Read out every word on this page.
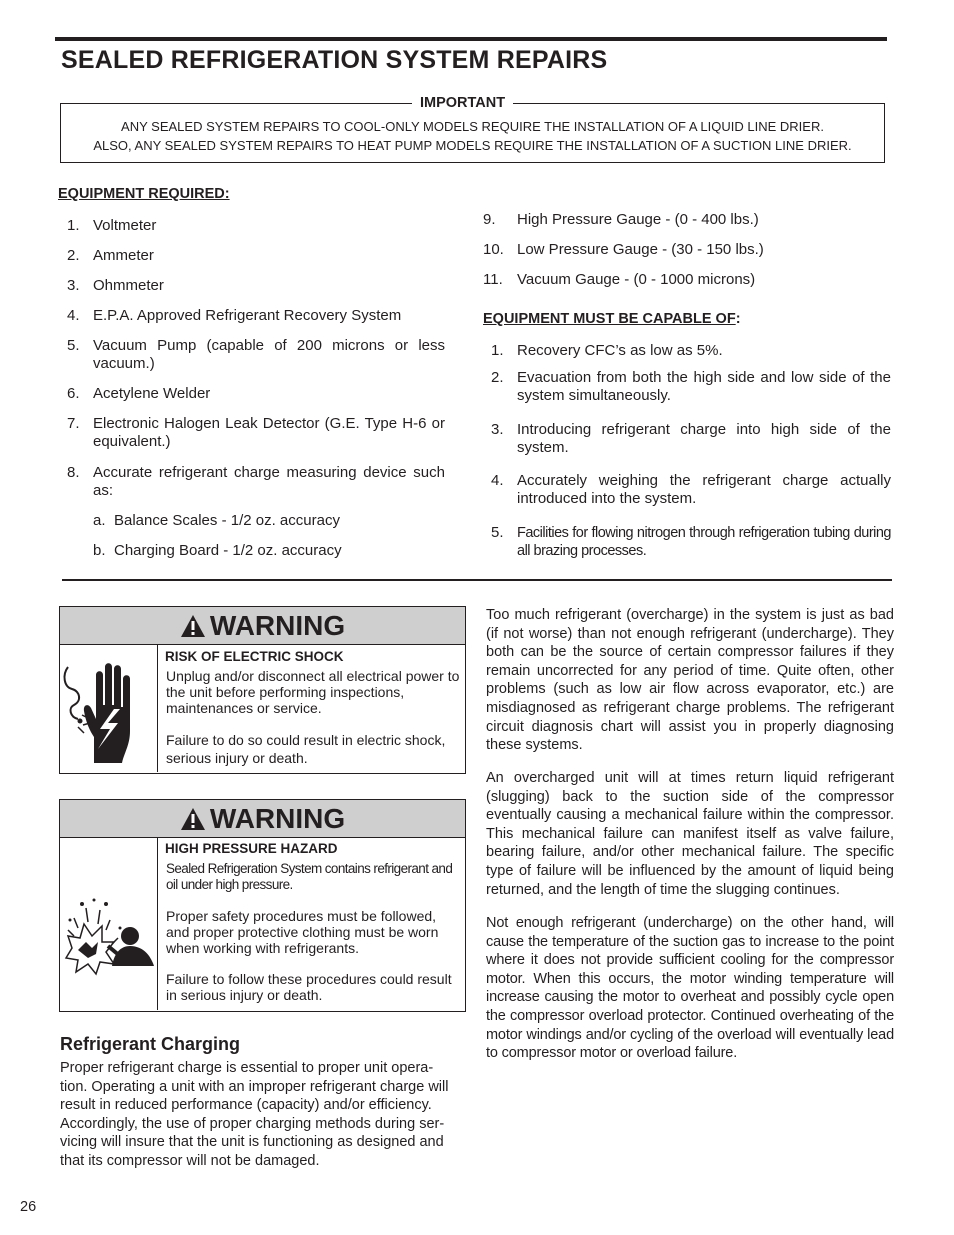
SEALED REFRIGERATION SYSTEM REPAIRS
IMPORTANT
ANY SEALED SYSTEM REPAIRS TO COOL-ONLY MODELS REQUIRE THE INSTALLATION OF A LIQUID LINE DRIER.
ALSO, ANY SEALED SYSTEM REPAIRS TO HEAT PUMP MODELS REQUIRE THE INSTALLATION OF A SUCTION LINE DRIER.
EQUIPMENT REQUIRED:
1. Voltmeter
2. Ammeter
3. Ohmmeter
4. E.P.A. Approved Refrigerant Recovery System
5. Vacuum Pump (capable of 200 microns or less vacuum.)
6. Acetylene Welder
7. Electronic Halogen Leak Detector (G.E. Type H-6 or equivalent.)
8. Accurate refrigerant charge measuring device such as:
a. Balance Scales - 1/2 oz. accuracy
b. Charging Board - 1/2 oz. accuracy
9. High Pressure Gauge - (0 - 400 lbs.)
10. Low Pressure Gauge - (30 - 150 lbs.)
11. Vacuum Gauge - (0 - 1000 microns)
EQUIPMENT MUST BE CAPABLE OF:
1. Recovery CFC’s as low as 5%.
2. Evacuation from both the high side and low side of the system simultaneously.
3. Introducing refrigerant charge into high side of the system.
4. Accurately weighing the refrigerant charge actually introduced into the system.
5. Facilities for flowing nitrogen through refrigeration tubing during all brazing processes.
WARNING
RISK OF ELECTRIC SHOCK
Unplug and/or disconnect all electrical power to the unit before performing inspections, maintenances or service.
Failure to do so could result in electric shock, serious injury or death.
WARNING
HIGH PRESSURE HAZARD
Sealed Refrigeration System contains refrigerant and oil under high pressure.
Proper safety procedures must be followed, and proper protective clothing must be worn when working with refrigerants.
Failure to follow these procedures could result in serious injury or death.
Refrigerant Charging
Proper refrigerant charge is essential to proper unit opera-
tion. Operating a unit with an improper refrigerant charge will
result in reduced performance (capacity) and/or efficiency.
Accordingly, the use of proper charging methods during ser-
vicing will insure that the unit is functioning as designed and
that its compressor will not be damaged.
Too much refrigerant (overcharge) in the system is just as bad (if not worse) than not enough refrigerant (undercharge). They both can be the source of certain compressor failures if they remain uncorrected for any period of time. Quite often, other problems (such as low air flow across evaporator, etc.) are misdiagnosed as refrigerant charge problems. The refrigerant circuit diagnosis chart will assist you in properly diagnosing these systems.
An overcharged unit will at times return liquid refrigerant (slugging) back to the suction side of the compressor eventually causing a mechanical failure within the compressor. This mechanical failure can manifest itself as valve failure, bearing failure, and/or other mechanical failure. The specific type of failure will be influenced by the amount of liquid being returned, and the length of time the slugging continues.
Not enough refrigerant (undercharge) on the other hand, will cause the temperature of the suction gas to increase to the point where it does not provide sufficient cooling for the compressor motor. When this occurs, the motor winding temperature will increase causing the motor to overheat and possibly cycle open the compressor overload protector. Continued overheating of the motor windings and/or cycling of the overload will eventually lead to compressor motor or overload failure.
26
